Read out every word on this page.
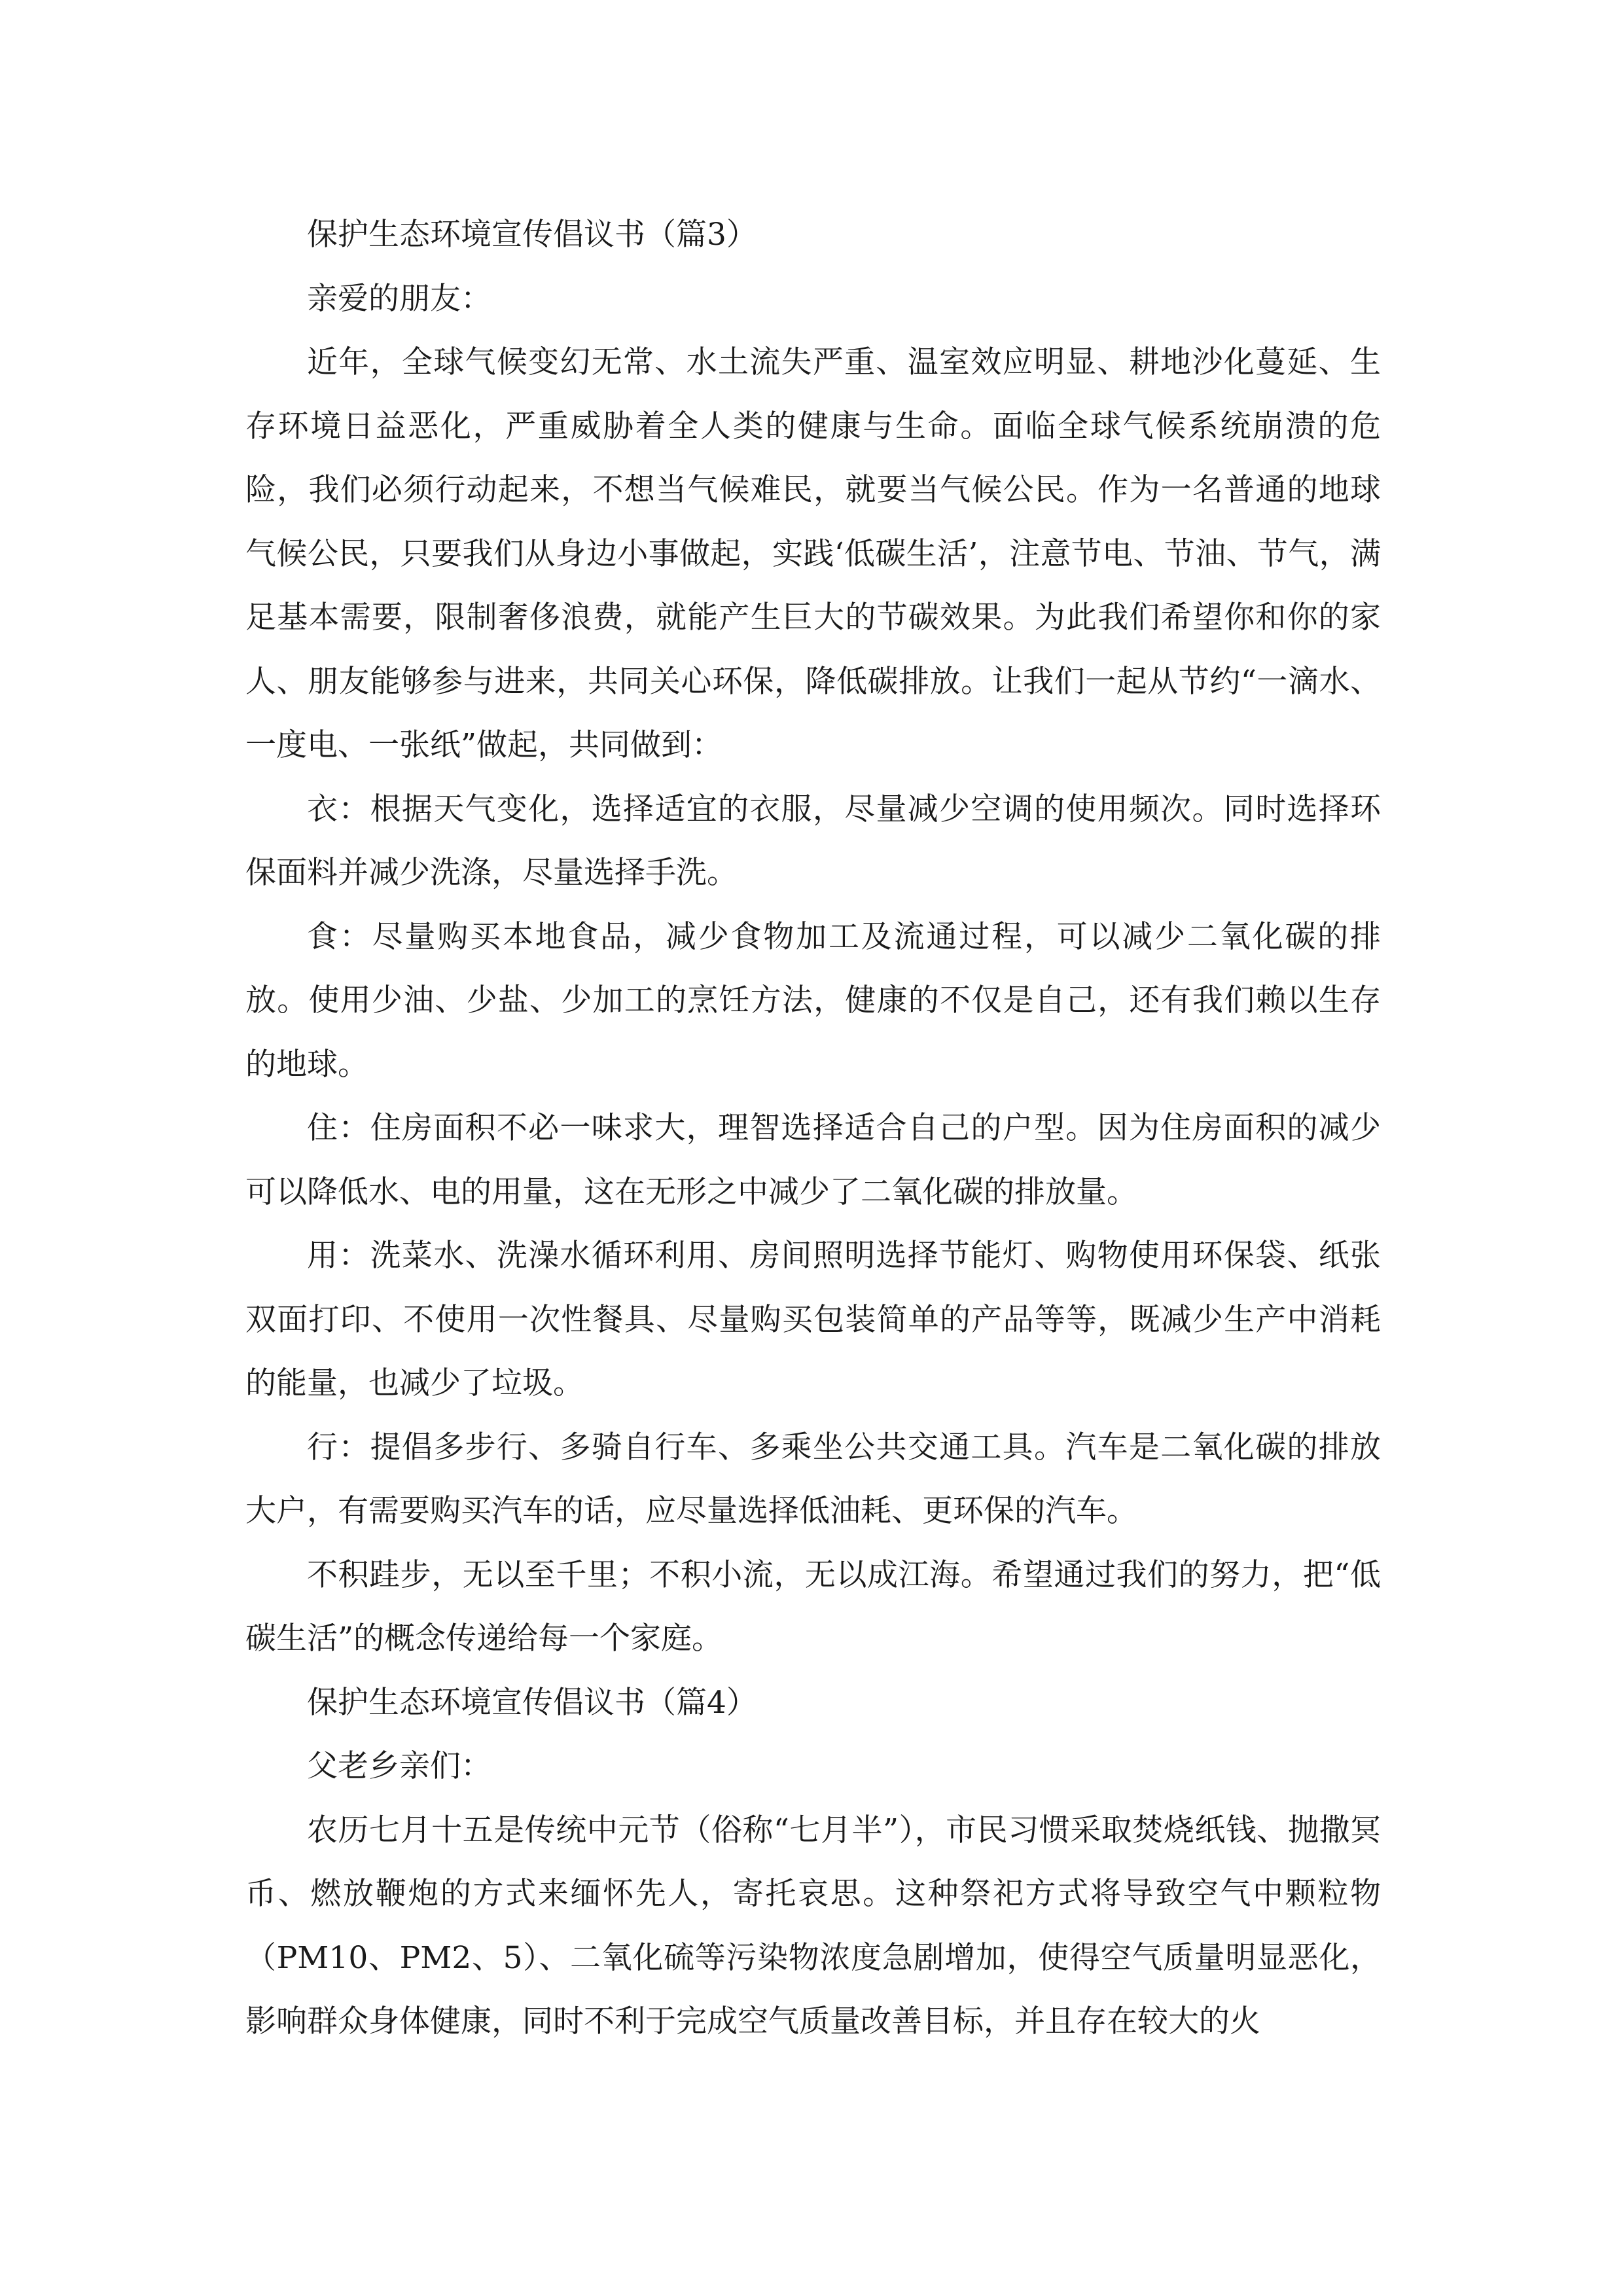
保护生态环境宣传倡议书（篇3）

亲爱的朋友：

近年，全球气候变幻无常、水土流失严重、温室效应明显、耕地沙化蔓延、生存环境日益恶化，严重威胁着全人类的健康与生命。面临全球气候系统崩溃的危险，我们必须行动起来，不想当气候难民，就要当气候公民。作为一名普通的地球气候公民，只要我们从身边小事做起，实践‘低碳生活’，注意节电、节油、节气，满足基本需要，限制奢侈浪费，就能产生巨大的节碳效果。为此我们希望你和你的家人、朋友能够参与进来，共同关心环保，降低碳排放。让我们一起从节约“一滴水、一度电、一张纸”做起，共同做到：

衣：根据天气变化，选择适宜的衣服，尽量减少空调的使用频次。同时选择环保面料并减少洗涤，尽量选择手洗。

食：尽量购买本地食品，减少食物加工及流通过程，可以减少二氧化碳的排放。使用少油、少盐、少加工的烹饪方法，健康的不仅是自己，还有我们赖以生存的地球。

住：住房面积不必一味求大，理智选择适合自己的户型。因为住房面积的减少可以降低水、电的用量，这在无形之中减少了二氧化碳的排放量。

用：洗菜水、洗澡水循环利用、房间照明选择节能灯、购物使用环保袋、纸张双面打印、不使用一次性餐具、尽量购买包装简单的产品等等，既减少生产中消耗的能量，也减少了垃圾。

行：提倡多步行、多骑自行车、多乘坐公共交通工具。汽车是二氧化碳的排放大户，有需要购买汽车的话，应尽量选择低油耗、更环保的汽车。

不积跬步，无以至千里；不积小流，无以成江海。希望通过我们的努力，把“低碳生活”的概念传递给每一个家庭。

保护生态环境宣传倡议书（篇4）

父老乡亲们：

农历七月十五是传统中元节（俗称“七月半”），市民习惯采取焚烧纸钱、抛撒冥币、燃放鞭炮的方式来缅怀先人，寄托哀思。这种祭祀方式将导致空气中颗粒物（PM10、PM2、5）、二氧化硫等污染物浓度急剧增加，使得空气质量明显恶化，影响群众身体健康，同时不利于完成空气质量改善目标，并且存在较大的火
